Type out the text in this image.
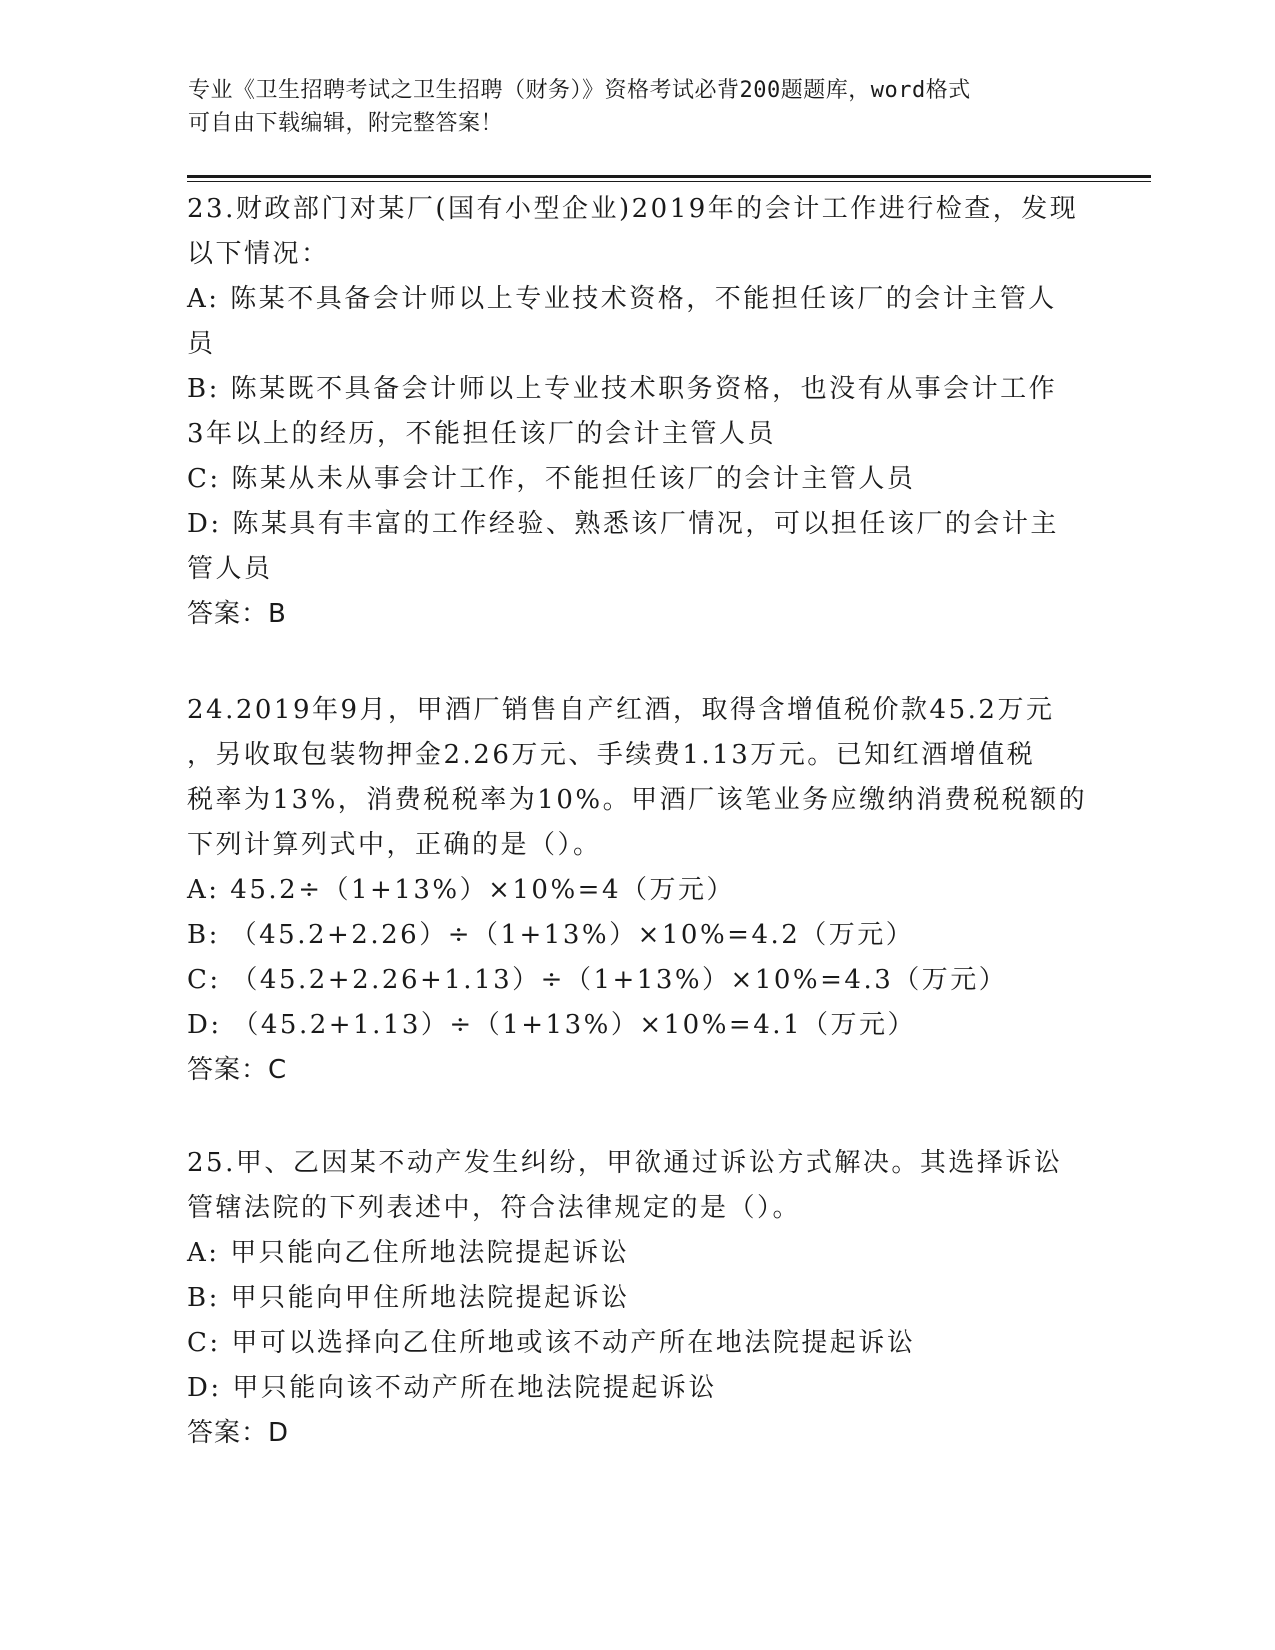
专业《卫生招聘考试之卫生招聘（财务）》资格考试必背200题题库，word格式
可自由下载编辑，附完整答案！
23.财政部门对某厂(国有小型企业)2019年的会计工作进行检查，发现
以下情况：
A: 陈某不具备会计师以上专业技术资格，不能担任该厂的会计主管人
员
B: 陈某既不具备会计师以上专业技术职务资格，也没有从事会计工作
3年以上的经历，不能担任该厂的会计主管人员
C: 陈某从未从事会计工作，不能担任该厂的会计主管人员
D: 陈某具有丰富的工作经验、熟悉该厂情况，可以担任该厂的会计主
管人员
答案：B
24.2019年9月，甲酒厂销售自产红酒，取得含增值税价款45.2万元
，另收取包装物押金2.26万元、手续费1.13万元。已知红酒增值税
税率为13%，消费税税率为10%。甲酒厂该笔业务应缴纳消费税税额的
下列计算列式中，正确的是（）。
A: 45.2÷（1+13%）×10%=4（万元）
B: （45.2+2.26）÷（1+13%）×10%=4.2（万元）
C: （45.2+2.26+1.13）÷（1+13%）×10%=4.3（万元）
D: （45.2+1.13）÷（1+13%）×10%=4.1（万元）
答案：C
25.甲、乙因某不动产发生纠纷，甲欲通过诉讼方式解决。其选择诉讼
管辖法院的下列表述中，符合法律规定的是（）。
A: 甲只能向乙住所地法院提起诉讼
B: 甲只能向甲住所地法院提起诉讼
C: 甲可以选择向乙住所地或该不动产所在地法院提起诉讼
D: 甲只能向该不动产所在地法院提起诉讼
答案：D
